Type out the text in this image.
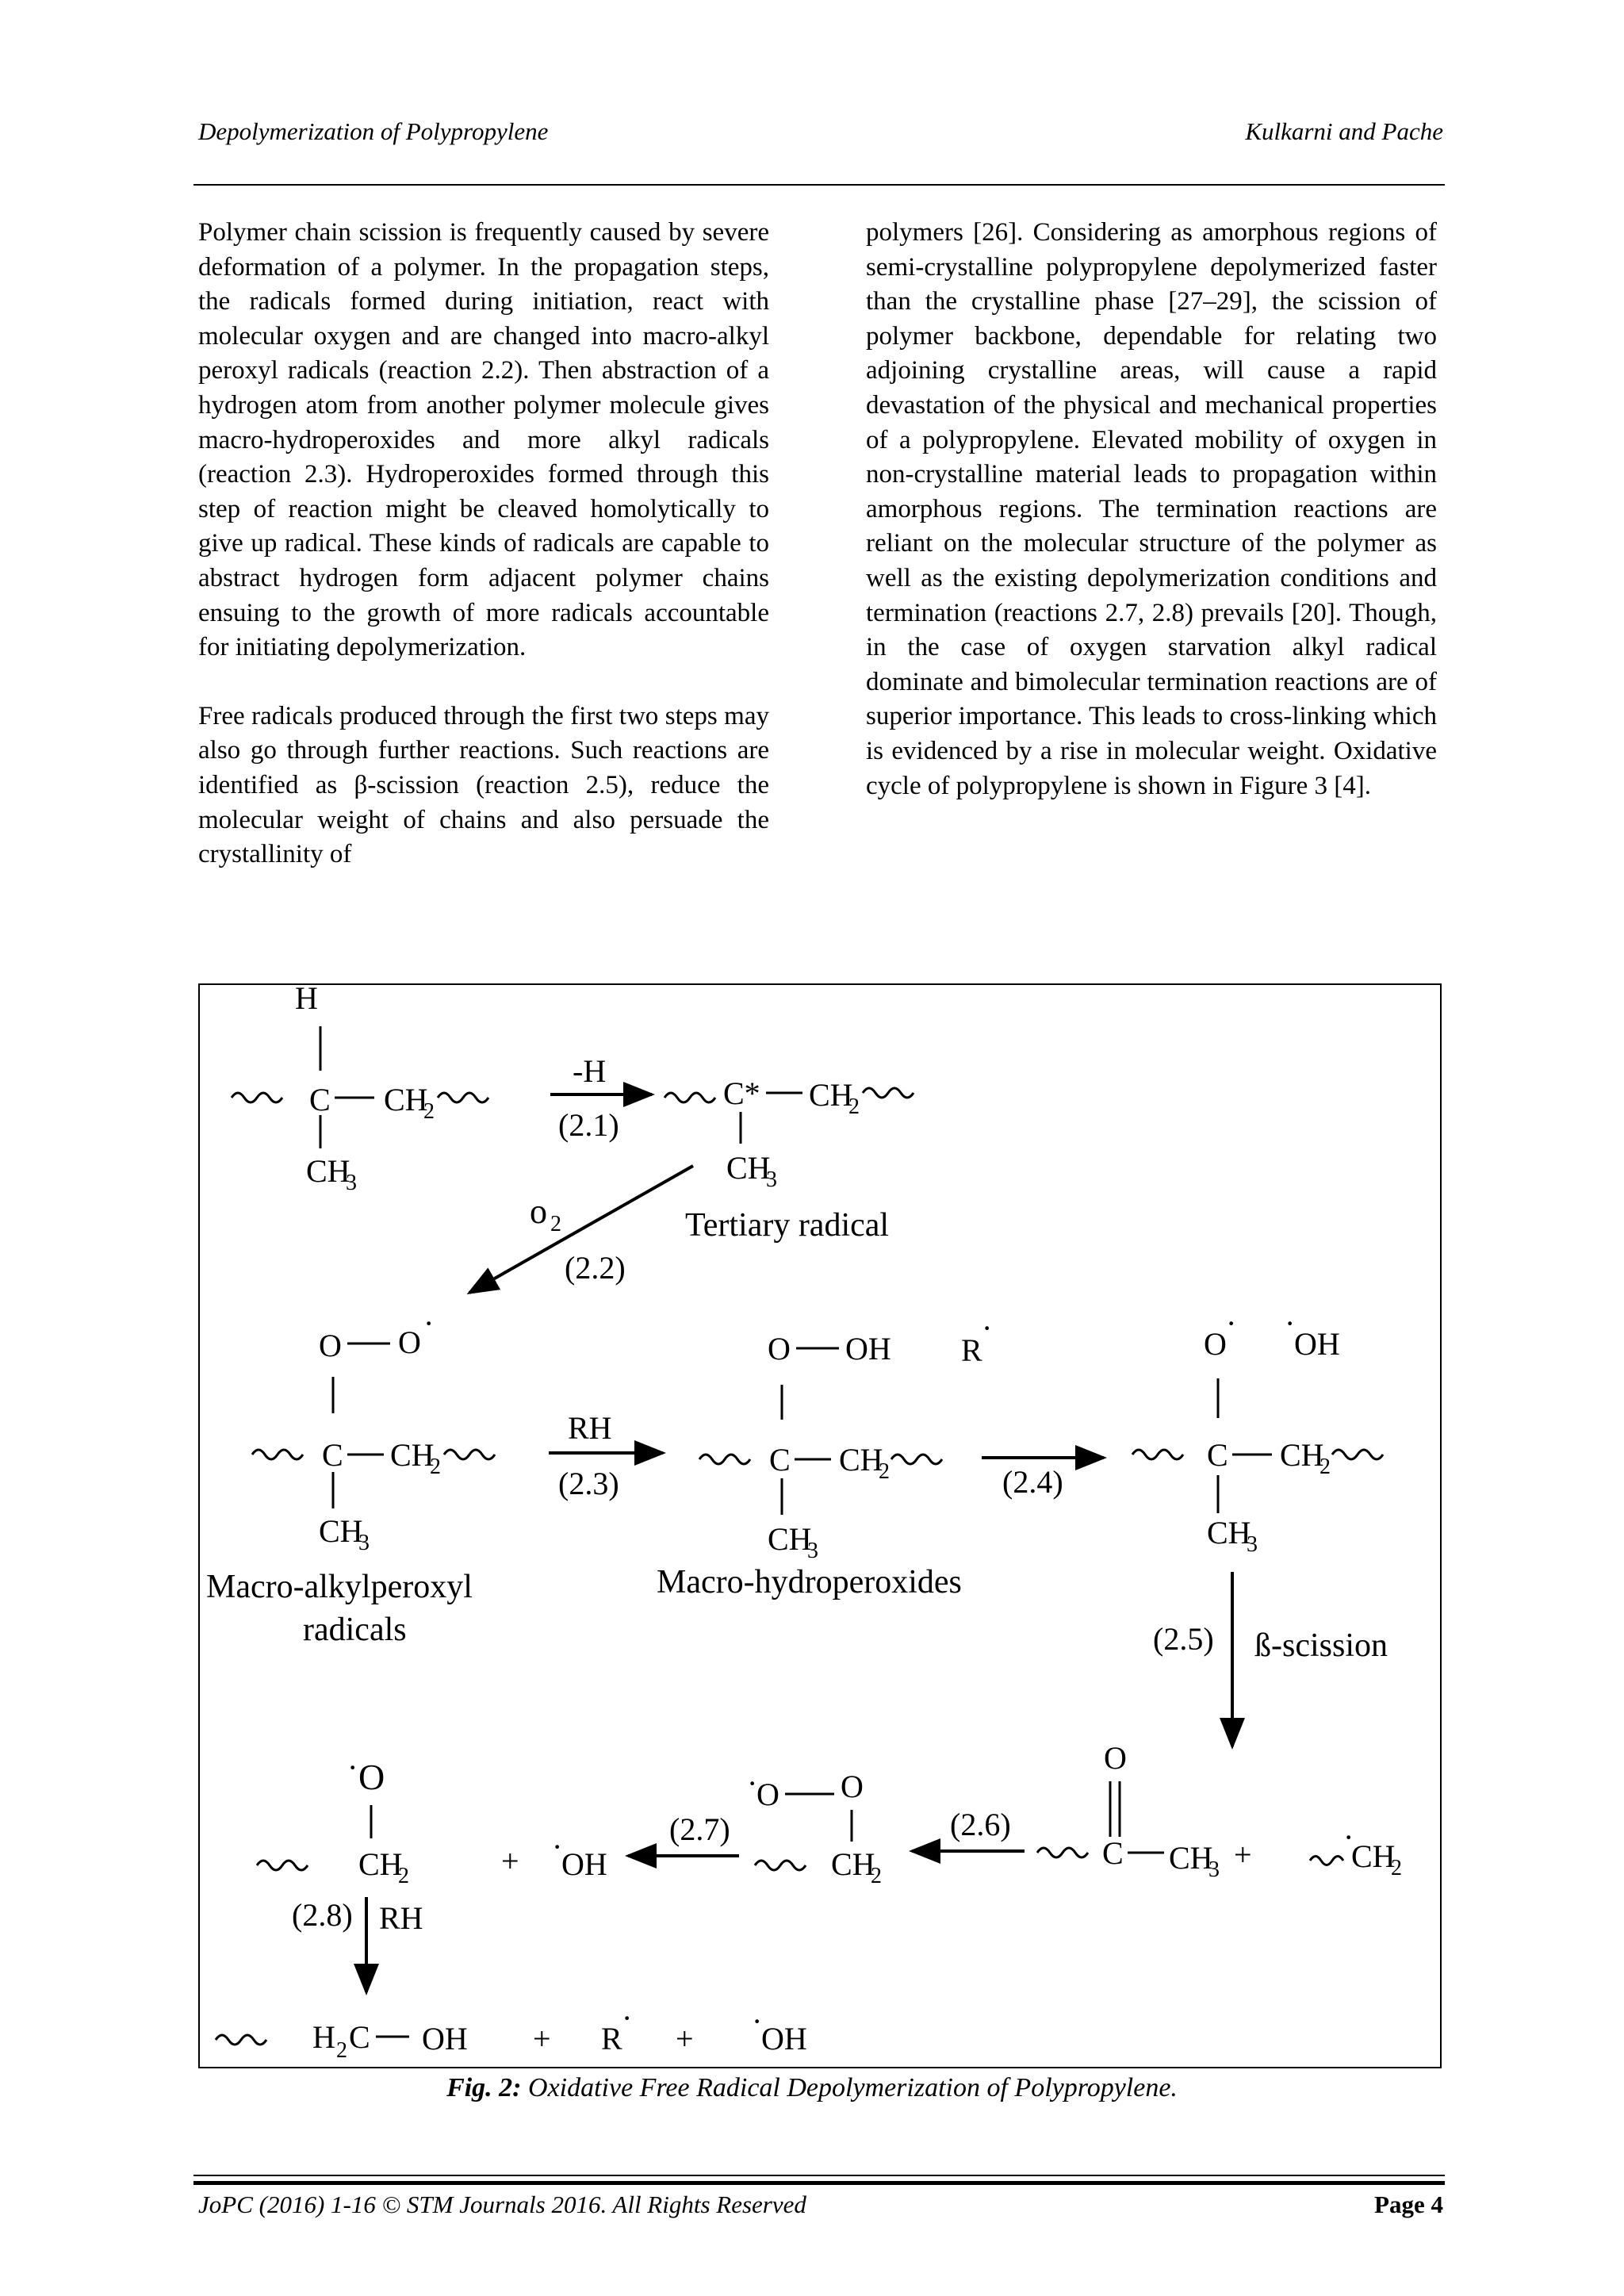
Depolymerization of Polypropylene	Kulkarni and Pache

Polymer chain scission is frequently caused by severe deformation of a polymer. In the propagation steps, the radicals formed during initiation, react with molecular oxygen and are changed into macro-alkyl peroxyl radicals (reaction 2.2). Then abstraction of a hydrogen atom from another polymer molecule gives macro-hydroperoxides and more alkyl radicals (reaction 2.3). Hydroperoxides formed through this step of reaction might be cleaved homolytically to give up radical. These kinds of radicals are capable to abstract hydrogen form adjacent polymer chains ensuing to the growth of more radicals accountable for initiating depolymerization.

Free radicals produced through the first two steps may also go through further reactions. Such reactions are identified as β-scission (reaction 2.5), reduce the molecular weight of chains and also persuade the crystallinity of

polymers [26]. Considering as amorphous regions of semi-crystalline polypropylene depolymerized faster than the crystalline phase [27–29], the scission of polymer backbone, dependable for relating two adjoining crystalline areas, will cause a rapid devastation of the physical and mechanical properties of a polypropylene. Elevated mobility of oxygen in non-crystalline material leads to propagation within amorphous regions. The termination reactions are reliant on the molecular structure of the polymer as well as the existing depolymerization conditions and termination (reactions 2.7, 2.8) prevails [20]. Though, in the case of oxygen starvation alkyl radical dominate and bimolecular termination reactions are of superior importance. This leads to cross-linking which is evidenced by a rise in molecular weight. Oxidative cycle of polypropylene is shown in Figure 3 [4].

H
C CH
2
CH
3
-H
(2.1)
C* CH
2
CH
3
Tertiary radical
o 2
(2.2)
O O
·
C CH
2
CH
3
Macro-alkylperoxyl
radicals
RH
(2.3)
O OH R
·
C CH
2
CH
3
Macro-hydroperoxides
(2.4)
O
· ·
OH
C CH
2
CH
3
(2.5) ß-scission
· O
CH
2	+ ·
OH
(2.7)
·
O O
CH
2
(2.6)
O
C CH
3 +	·
CH
2
(2.8) RH
H 2 C OH + R
·
+ ·
OH
Fig. 2: Oxidative Free Radical Depolymerization of Polypropylene.
JoPC (2016) 1-16 © STM Journals 2016. All Rights Reserved	Page 4
